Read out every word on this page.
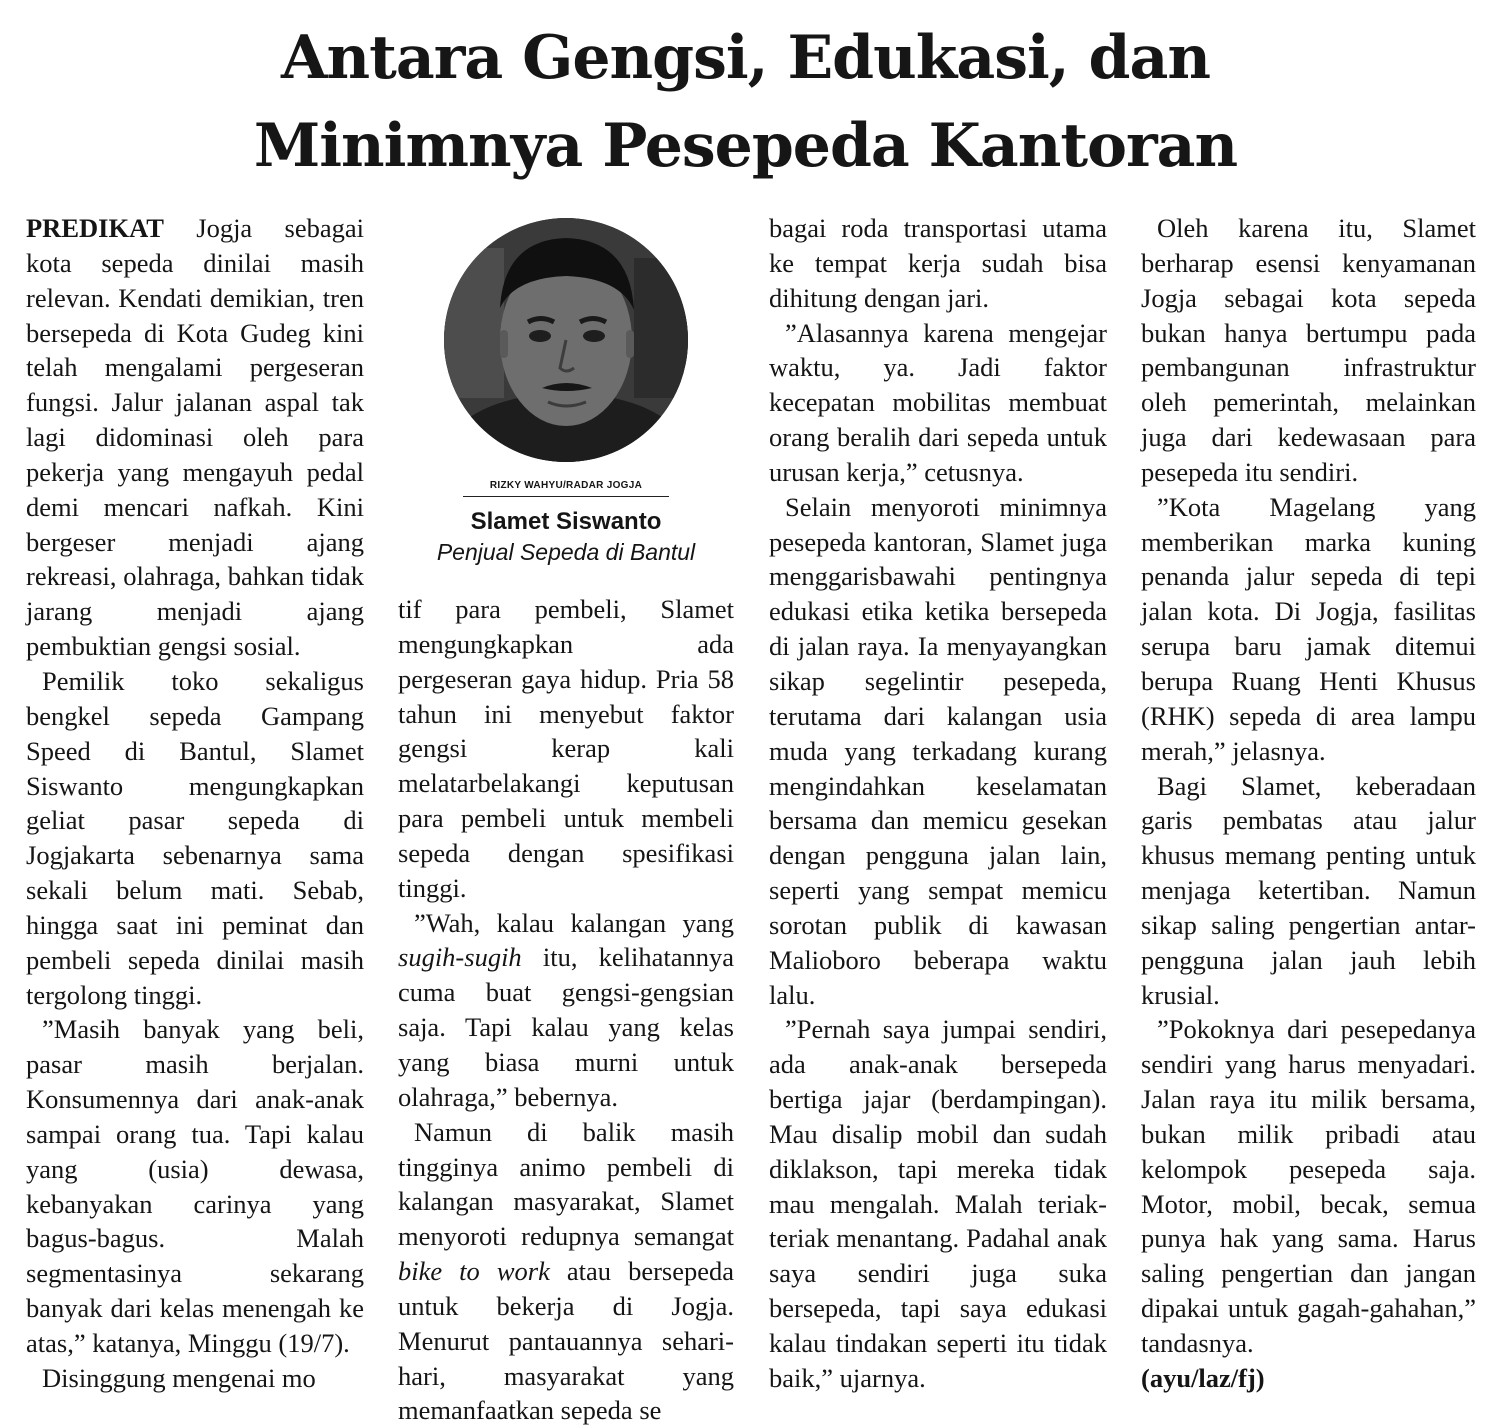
Antara Gengsi, Edukasi, dan
Minimnya Pesepeda Kantoran

PREDIKAT Jogja sebagai kota sepeda dinilai masih relevan. Kendati demikian, tren bersepeda di Kota Gudeg kini telah mengalami pergeseran fungsi. Jalur jalanan aspal tak lagi didominasi oleh para pekerja yang mengayuh pedal demi mencari nafkah. Kini bergeser menjadi ajang rekreasi, olahraga, bahkan tidak jarang menjadi ajang pembuktian gengsi sosial.

Pemilik toko sekaligus bengkel sepeda Gampang Speed di Bantul, Slamet Siswanto mengungkapkan geliat pasar sepeda di Jogjakarta sebenarnya sama sekali belum mati. Sebab, hingga saat ini peminat dan pembeli sepeda dinilai masih tergolong tinggi.

”Masih banyak yang beli, pasar masih berjalan. Konsumennya dari anak-anak sampai orang tua. Tapi kalau yang (usia) dewasa, kebanyakan carinya yang bagus-bagus. Malah segmentasinya sekarang banyak dari kelas menengah ke atas,” katanya, Minggu (19/7).

Disinggung mengenai mo

RIZKY WAHYU/RADAR JOGJA
Slamet Siswanto
Penjual Sepeda di Bantul

tif para pembeli, Slamet mengungkapkan ada pergeseran gaya hidup. Pria 58 tahun ini menyebut faktor gengsi kerap kali melatarbelakangi keputusan para pembeli untuk membeli sepeda dengan spesifikasi tinggi.

”Wah, kalau kalangan yang sugih-sugih itu, kelihatannya cuma buat gengsi-gengsian saja. Tapi kalau yang kelas yang biasa murni untuk olahraga,” bebernya.

Namun di balik masih tingginya animo pembeli di kalangan masyarakat, Slamet menyoroti redupnya semangat bike to work atau bersepeda untuk bekerja di Jogja. Menurut pantauannya sehari-hari, masyarakat yang memanfaatkan sepeda se

bagai roda transportasi utama ke tempat kerja sudah bisa dihitung dengan jari.

”Alasannya karena mengejar waktu, ya. Jadi faktor kecepatan mobilitas membuat orang beralih dari sepeda untuk urusan kerja,” cetusnya.

Selain menyoroti minimnya pesepeda kantoran, Slamet juga menggarisbawahi pentingnya edukasi etika ketika bersepeda di jalan raya. Ia menyayangkan sikap segelintir pesepeda, terutama dari kalangan usia muda yang terkadang kurang mengindahkan keselamatan bersama dan memicu gesekan dengan pengguna jalan lain, seperti yang sempat memicu sorotan publik di kawasan Malioboro beberapa waktu lalu.

”Pernah saya jumpai sendiri, ada anak-anak bersepeda bertiga jajar (berdampingan). Mau disalip mobil dan sudah diklakson, tapi mereka tidak mau mengalah. Malah teriak-teriak menantang. Padahal anak saya sendiri juga suka bersepeda, tapi saya edukasi kalau tindakan seperti itu tidak baik,” ujarnya.

Oleh karena itu, Slamet berharap esensi kenyamanan Jogja sebagai kota sepeda bukan hanya bertumpu pada pembangunan infrastruktur oleh pemerintah, melainkan juga dari kedewasaan para pesepeda itu sendiri.

”Kota Magelang yang memberikan marka kuning penanda jalur sepeda di tepi jalan kota. Di Jogja, fasilitas serupa baru jamak ditemui berupa Ruang Henti Khusus (RHK) sepeda di area lampu merah,” jelasnya.

Bagi Slamet, keberadaan garis pembatas atau jalur khusus memang penting untuk menjaga ketertiban. Namun sikap saling pengertian antar-pengguna jalan jauh lebih krusial.

”Pokoknya dari pesepedanya sendiri yang harus menyadari. Jalan raya itu milik bersama, bukan milik pribadi atau kelompok pesepeda saja. Motor, mobil, becak, semua punya hak yang sama. Harus saling pengertian dan jangan dipakai untuk gagah-gahahan,” tandasnya.

(ayu/laz/fj)
